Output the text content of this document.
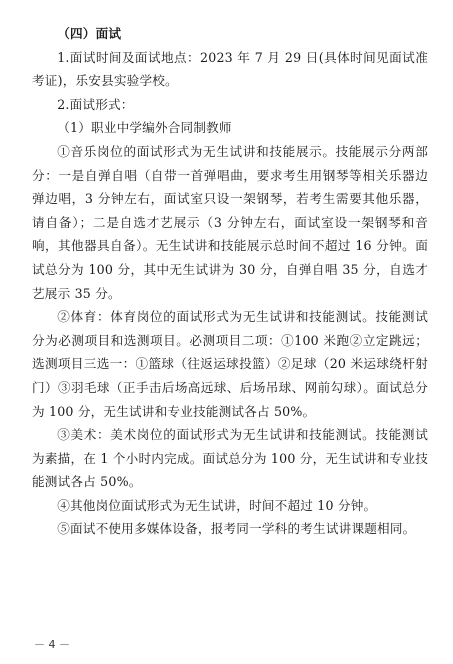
（四）面试

1.面试时间及面试地点：2023 年 7 月 29 日(具体时间见面试准考证)，乐安县实验学校。

2.面试形式：

（1）职业中学编外合同制教师

①音乐岗位的面试形式为无生试讲和技能展示。技能展示分两部分：一是自弹自唱（自带一首弹唱曲，要求考生用钢琴等相关乐器边弹边唱，3 分钟左右，面试室只设一架钢琴，若考生需要其他乐器，请自备）；二是自选才艺展示（3 分钟左右，面试室设一架钢琴和音响，其他器具自备）。无生试讲和技能展示总时间不超过 16 分钟。面试总分为 100 分，其中无生试讲为 30 分，自弹自唱 35 分，自选才艺展示 35 分。

②体育：体育岗位的面试形式为无生试讲和技能测试。技能测试分为必测项目和选测项目。必测项目二项：①100 米跑②立定跳远；选测项目三选一：①篮球（往返运球投篮）②足球（20 米运球绕杆射门）③羽毛球（正手击后场高远球、后场吊球、网前勾球）。面试总分为 100 分，无生试讲和专业技能测试各占 50%。

③美术：美术岗位的面试形式为无生试讲和技能测试。技能测试为素描，在 1 个小时内完成。面试总分为 100 分，无生试讲和专业技能测试各占 50%。

④其他岗位面试形式为无生试讲，时间不超过 10 分钟。

⑤面试不使用多媒体设备，报考同一学科的考生试讲课题相同。

－ 4 －
